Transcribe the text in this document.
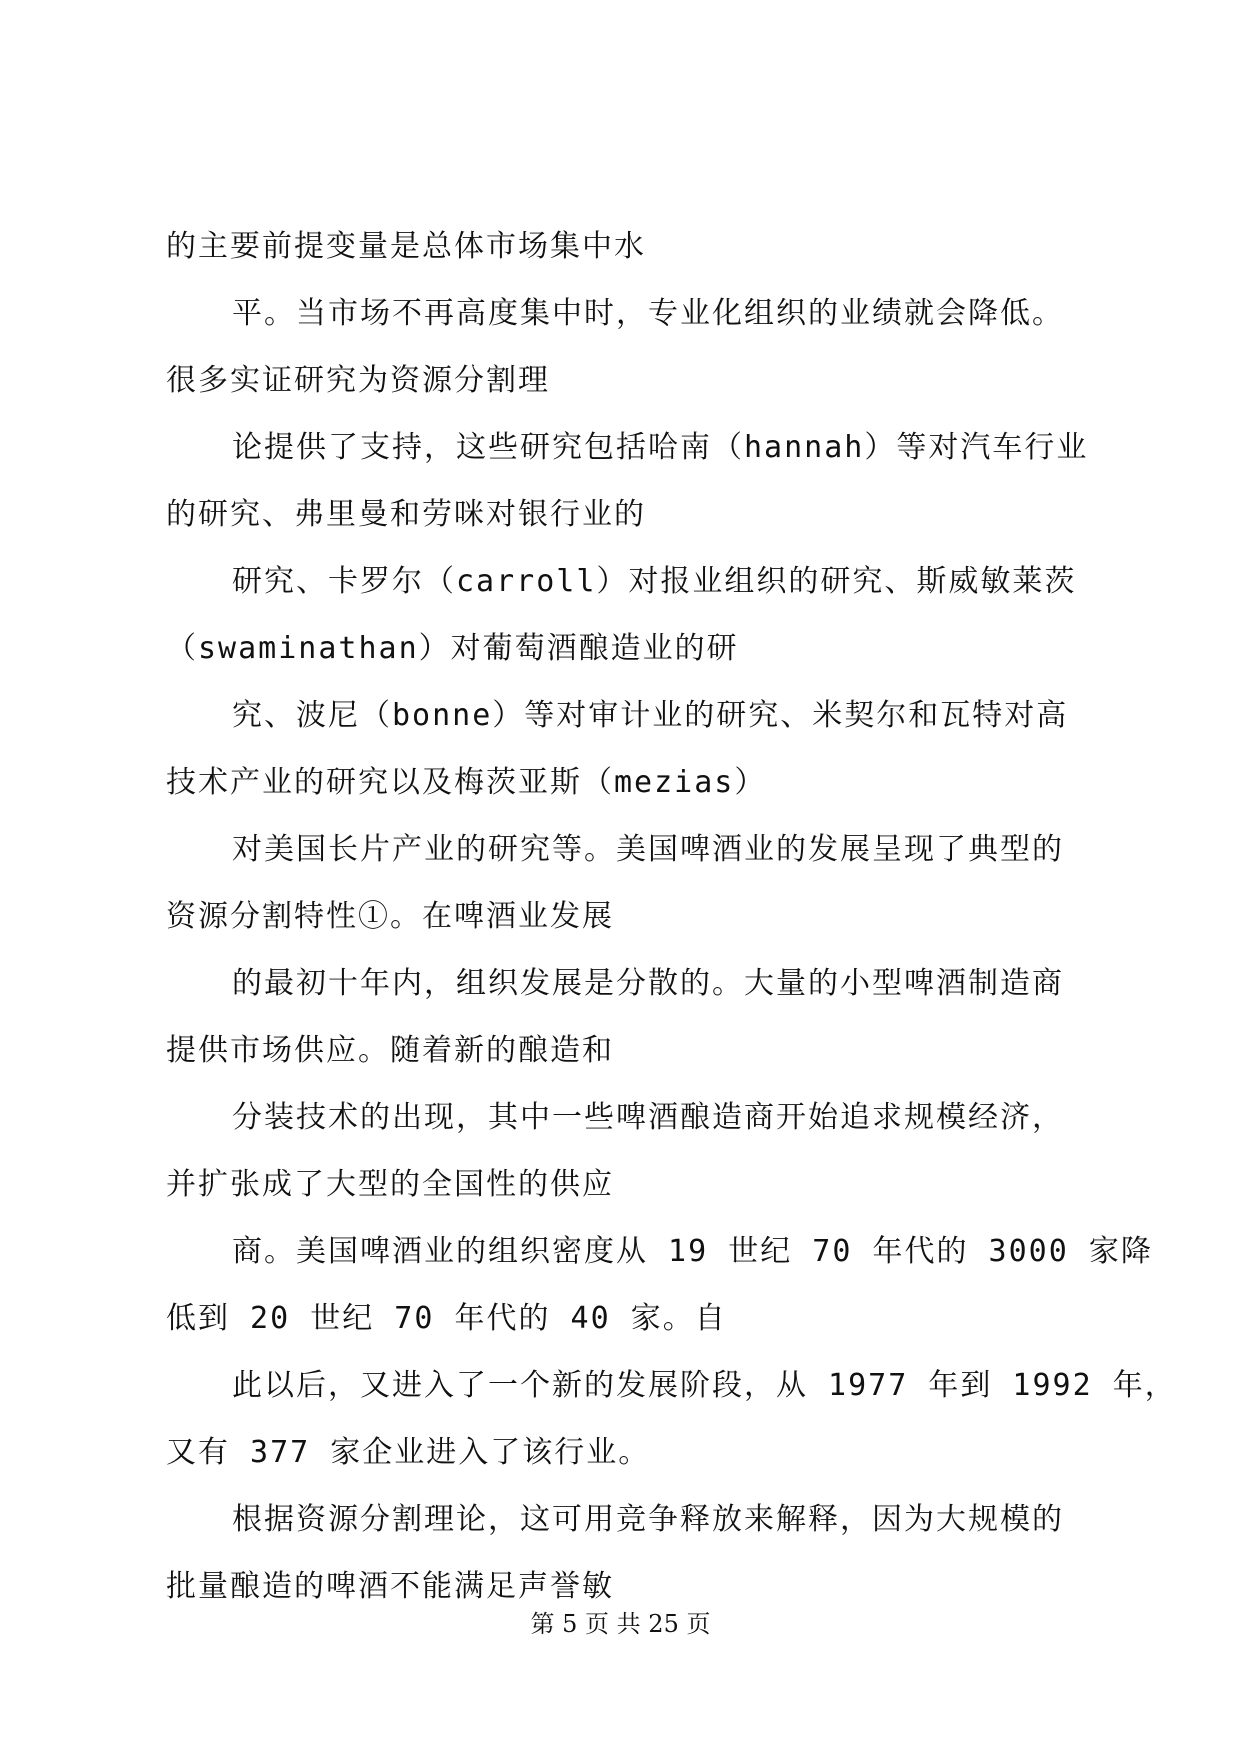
的主要前提变量是总体市场集中水
平。当市场不再高度集中时，专业化组织的业绩就会降低。
很多实证研究为资源分割理
论提供了支持，这些研究包括哈南（hannah）等对汽车行业
的研究、弗里曼和劳咪对银行业的
研究、卡罗尔（carroll）对报业组织的研究、斯威敏莱茨
（swaminathan）对葡萄酒酿造业的研
究、波尼（bonne）等对审计业的研究、米契尔和瓦特对高
技术产业的研究以及梅茨亚斯（mezias）
对美国长片产业的研究等。美国啤酒业的发展呈现了典型的
资源分割特性①。在啤酒业发展
的最初十年内，组织发展是分散的。大量的小型啤酒制造商
提供市场供应。随着新的酿造和
分装技术的出现，其中一些啤酒酿造商开始追求规模经济，
并扩张成了大型的全国性的供应
商。美国啤酒业的组织密度从 19 世纪 70 年代的 3000 家降
低到 20 世纪 70 年代的 40 家。自
此以后，又进入了一个新的发展阶段，从 1977 年到 1992 年，
又有 377 家企业进入了该行业。
根据资源分割理论，这可用竞争释放来解释，因为大规模的
批量酿造的啤酒不能满足声誉敏
第 5 页 共 25 页
